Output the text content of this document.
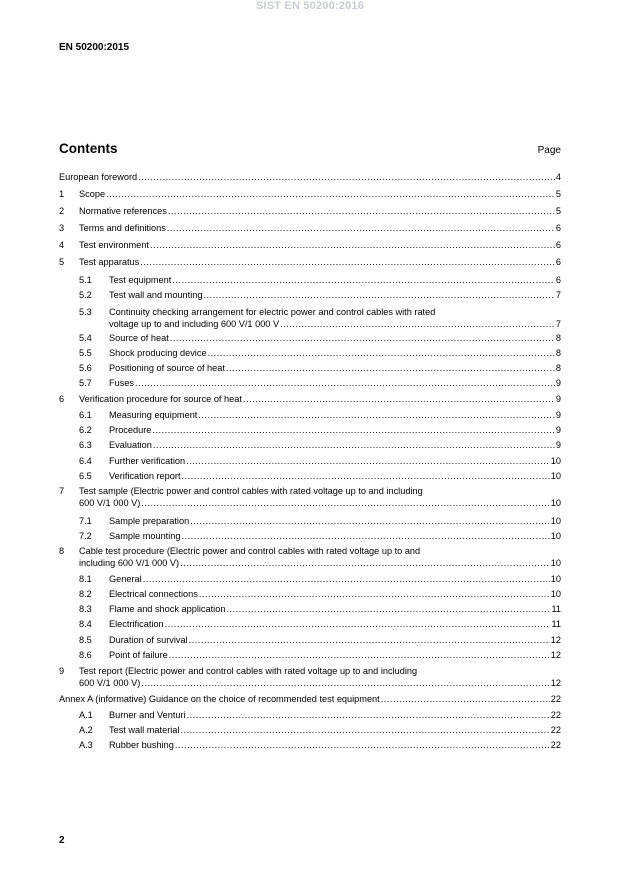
SIST EN 50200:2016
EN 50200:2015
Contents	Page
European foreword .....	4
1	Scope .....	5
2	Normative references .....	5
3	Terms and definitions .....	6
4	Test environment .....	6
5	Test apparatus .....	6
5.1	Test equipment .....	6
5.2	Test wall and mounting .....	7
5.3	Continuity checking arrangement for electric power and control cables with rated
voltage up to and including 600 V/1 000 V .....	7
5.4	Source of heat .....	8
5.5	Shock producing device .....	8
5.6	Positioning of source of heat .....	8
5.7	Fuses .....	9
6	Verification procedure for source of heat .....	9
6.1	Measuring equipment .....	9
6.2	Procedure .....	9
6.3	Evaluation .....	9
6.4	Further verification .....	10
6.5	Verification report .....	10
7	Test sample (Electric power and control cables with rated voltage up to and including
600 V/1 000 V) .....	10
7.1	Sample preparation .....	10
7.2	Sample mounting .....	10
8	Cable test procedure (Electric power and control cables with rated voltage up to and
including 600 V/1 000 V) .....	10
8.1	General .....	10
8.2	Electrical connections .....	10
8.3	Flame and shock application .....	11
8.4	Electrification .....	11
8.5	Duration of survival .....	12
8.6	Point of failure .....	12
9	Test report (Electric power and control cables with rated voltage up to and including
600 V/1 000 V) .....	12
Annex A (informative) Guidance on the choice of recommended test equipment .....	22
A.1	Burner and Venturi .....	22
A.2	Test wall material .....	22
A.3	Rubber bushing .....	22
2
